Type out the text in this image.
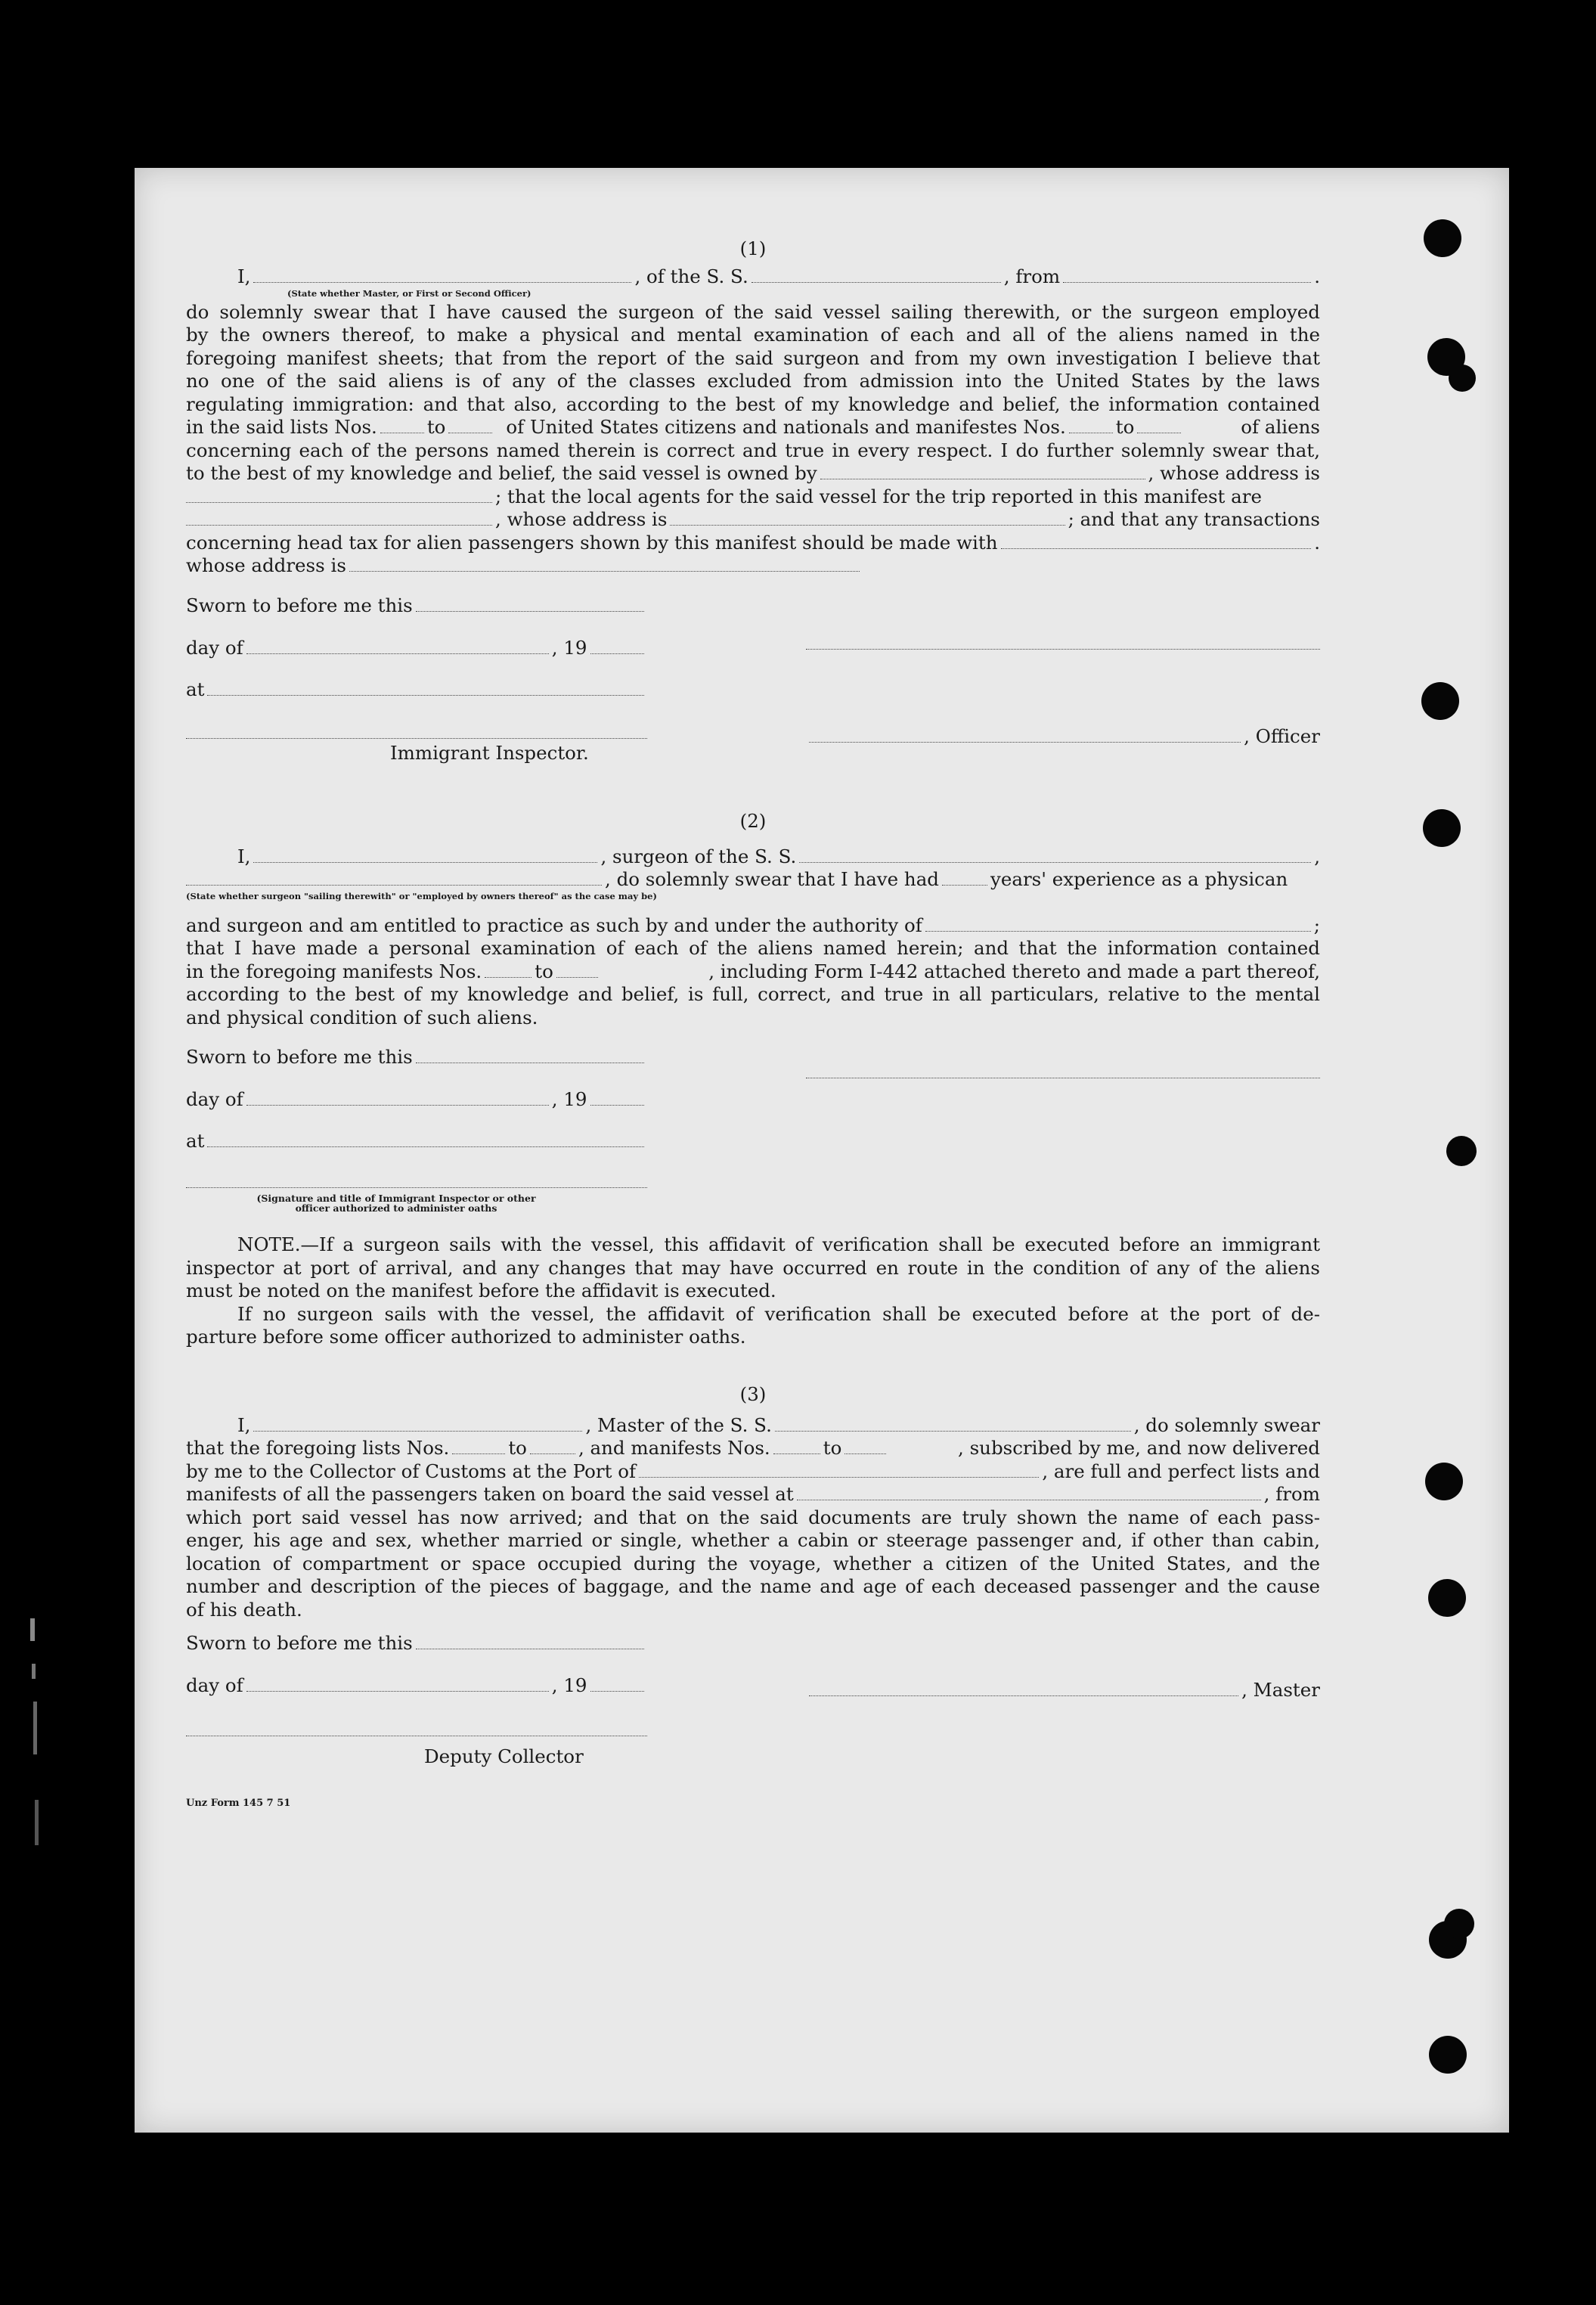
(1)
I,	, of the S. S.	, from	.
(State whether Master, or First or Second Officer)

do solemnly swear that I have caused the surgeon of the said vessel sailing therewith, or the surgeon employed

by the owners thereof, to make a physical and mental examination of each and all of the aliens named in the

foregoing manifest sheets; that from the report of the said surgeon and from my own investigation I believe that

no one of the said aliens is of any of the classes excluded from admission into the United States by the laws

regulating immigration: and that also, according to the best of my knowledge and belief, the information contained

in the said lists Nos.	to	of United States citizens and nationals and manifestes Nos.	to	of aliens

concerning each of the persons named therein is correct and true in every respect. I do further solemnly swear that,

to the best of my knowledge and belief, the said vessel is owned by	, whose address is
; that the local agents for the said vessel for the trip reported in this manifest are
, whose address is	; and that any transactions
concerning head tax for alien passengers shown by this manifest should be made with	.
whose address is
Sworn to before me this
day of	, 19
at
, Officer
Immigrant Inspector.
(2)
I,	, surgeon of the S. S.	,
, do solemnly swear that I have had	years' experience as a physican
(State whether surgeon "sailing therewith" or "employed by owners thereof" as the case may be)
and surgeon and am entitled to practice as such by and under the authority of	;

that I have made a personal examination of each of the aliens named herein; and that the information contained

in the foregoing manifests Nos.	to	, including Form I-442 attached thereto and made a part thereof,

according to the best of my knowledge and belief, is full, correct, and true in all particulars, relative to the mental

and physical condition of such aliens.

Sworn to before me this
day of	, 19
at
(Signature and title of Immigrant Inspector or other
officer authorized to administer oaths

NOTE.—If a surgeon sails with the vessel, this affidavit of verification shall be executed before an immigrant

inspector at port of arrival, and any changes that may have occurred en route in the condition of any of the aliens

must be noted on the manifest before the affidavit is executed.

If no surgeon sails with the vessel, the affidavit of verification shall be executed before at the port of de-

parture before some officer authorized to administer oaths.

(3)
I,	, Master of the S. S.	, do solemnly swear
that the foregoing lists Nos.	to	, and manifests Nos.	to	, subscribed by me, and now delivered
by me to the Collector of Customs at the Port of	, are full and perfect lists and
manifests of all the passengers taken on board the said vessel at	, from

which port said vessel has now arrived; and that on the said documents are truly shown the name of each pass-

enger, his age and sex, whether married or single, whether a cabin or steerage passenger and, if other than cabin,

location of compartment or space occupied during the voyage, whether a citizen of the United States, and the

number and description of the pieces of baggage, and the name and age of each deceased passenger and the cause

of his death.

Sworn to before me this
day of	, 19	, Master
Deputy Collector
Unz Form 145 7 51
